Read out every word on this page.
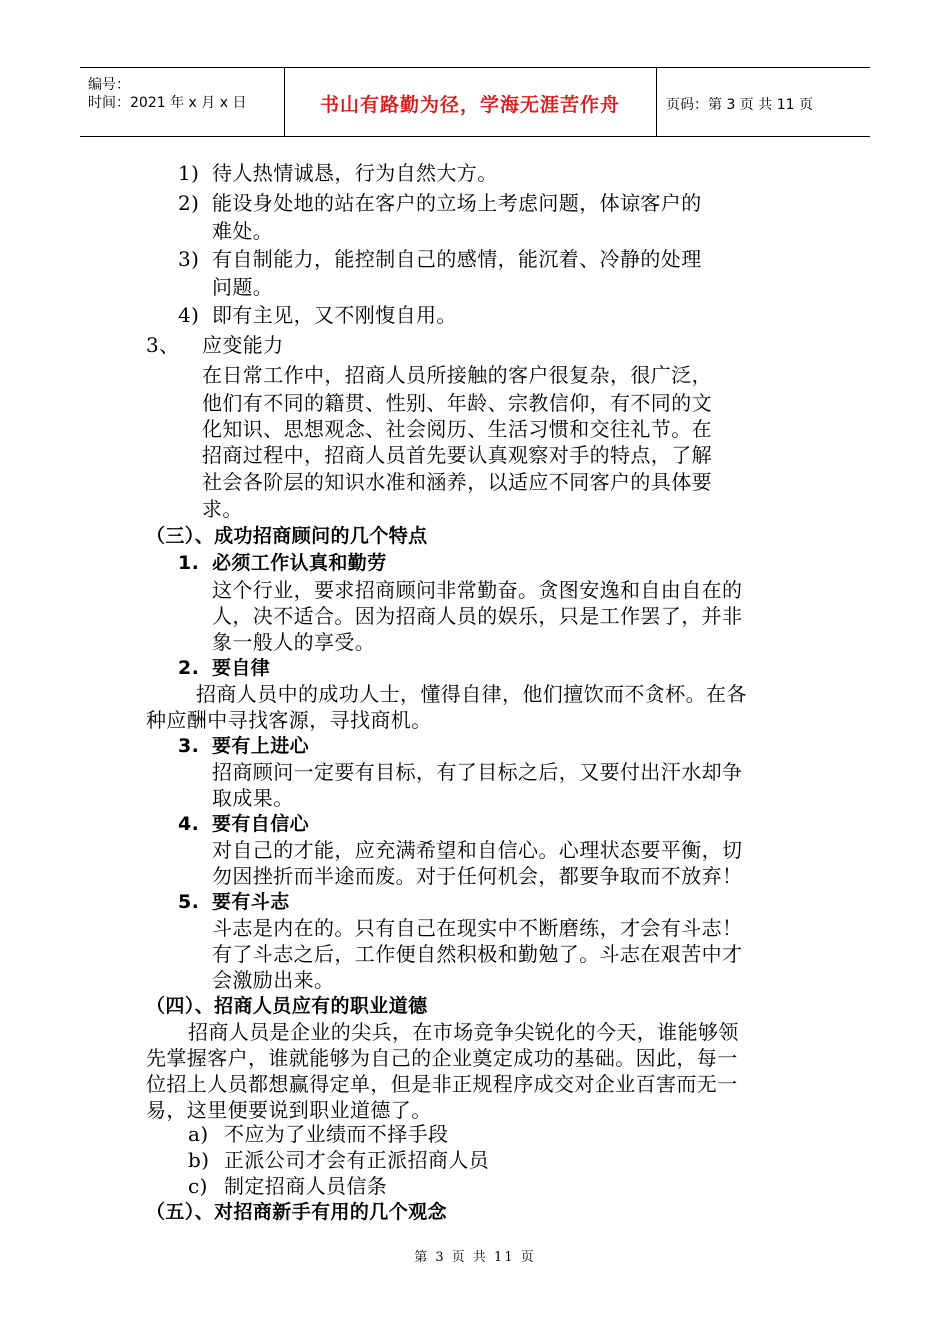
编号：
时间：2021 年 x 月 x 日	书山有路勤为径，学海无涯苦作舟	页码：第 3 页 共 11 页
1) 待人热情诚恳，行为自然大方。
2) 能设身处地的站在客户的立场上考虑问题，体谅客户的
难处。
3) 有自制能力，能控制自己的感情，能沉着、冷静的处理
问题。
4) 即有主见，又不刚愎自用。
3、 应变能力
在日常工作中，招商人员所接触的客户很复杂，很广泛，
他们有不同的籍贯、性别、年龄、宗教信仰，有不同的文
化知识、思想观念、社会阅历、生活习惯和交往礼节。在
招商过程中，招商人员首先要认真观察对手的特点，了解
社会各阶层的知识水准和涵养，以适应不同客户的具体要
求。
（三）、成功招商顾问的几个特点
1. 必须工作认真和勤劳
这个行业，要求招商顾问非常勤奋。贪图安逸和自由自在的
人，决不适合。因为招商人员的娱乐，只是工作罢了，并非
象一般人的享受。
2. 要自律
招商人员中的成功人士，懂得自律，他们擅饮而不贪杯。在各
种应酬中寻找客源，寻找商机。
3. 要有上进心
招商顾问一定要有目标，有了目标之后，又要付出汗水却争
取成果。
4. 要有自信心
对自己的才能，应充满希望和自信心。心理状态要平衡，切
勿因挫折而半途而废。对于任何机会，都要争取而不放弃！
5. 要有斗志
斗志是内在的。只有自己在现实中不断磨练，才会有斗志！
有了斗志之后，工作便自然积极和勤勉了。斗志在艰苦中才
会激励出来。
（四）、招商人员应有的职业道德
招商人员是企业的尖兵，在市场竞争尖锐化的今天，谁能够领
先掌握客户，谁就能够为自己的企业奠定成功的基础。因此，每一
位招上人员都想赢得定单，但是非正规程序成交对企业百害而无一
易，这里便要说到职业道德了。
a) 不应为了业绩而不择手段
b) 正派公司才会有正派招商人员
c) 制定招商人员信条
（五）、对招商新手有用的几个观念
第 3 页 共 11 页
